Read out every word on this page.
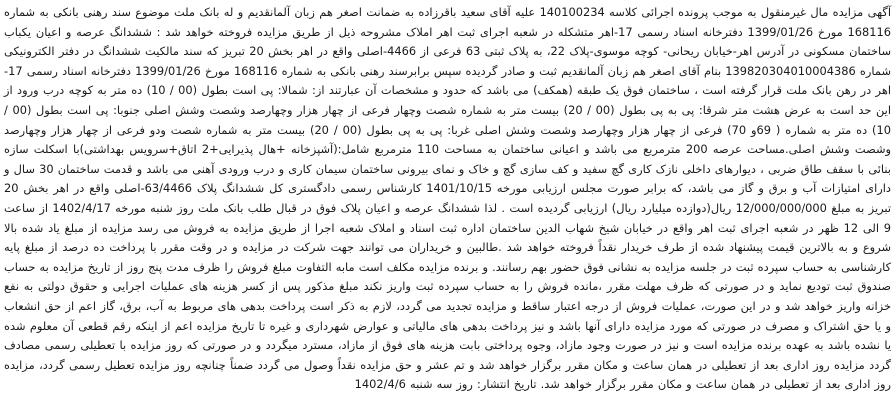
آگهی مزایده مال غیرمنقول به موجب پرونده اجرائی کلاسه 140100234 علیه آقای سعید باقرزاده به ضمانت اصغر هم زبان آلمانقدیم و له بانک ملت موضوع سند رهنی بانکی به شماره 168116 مورخ 1399/01/26 دفترخانه اسناد رسمی 17-اهر متشکله در شعبه اجرای ثبت اهر املاک مشروحه ذیل از طریق مزایده فروخته خواهد شد : ششدانگ عرصه و اعیان یکباب ساختمان مسکونی در آدرس اهر-خیابان ریحانی- کوچه موسوی-پلاک 22، به پلاک ثبتی 63 فرعی از 4466-اصلی واقع در اهر بخش 20 تبریز که سند مالکیت ششدانگ در دفتر الکترونیکی شماره 139820304010004386 بنام آقای اصغر هم زبان آلمانقدیم ثبت و صادر گردیده سپس برابرسند رهنی بانکی به شماره 168116 مورخ 1399/01/26 دفترخانه اسناد رسمی 17-اهر در رهن بانک ملت قرار گرفته است ، ساختمان فوق یک طبقه (همکف) می باشد که حدود و مشخصات آن عبارتند از: شمالا: پی است بطول (00 / 10) ده متر به کوچه درب ورود از این حد است به عرض هشت متر شرقا: پی به پی بطول (00 / 20) بیست متر به شماره شصت وچهار فرعی از چهار هزار وچهارصد وشصت وشش اصلی جنوبا: پی است بطول (00 / 10) ده متر به شماره ( 69و 70) فرعی از چهار هزار وچهارصد وشصت وشش اصلی غربا: پی به پی بطول (00 / 20) بیست متر به شماره شصت ودو فرعی از چهار هزار وچهارصد وشصت وشش اصلی.مساحت عرصه 200 مترمربع می باشد و اعیانی ساختمان به مساحت 110 مترمربع شامل:(آشپزخانه +هال پذیرایی+2 اتاق+سرویس بهداشتی)با اسکلت سازه بنائی با سقف طاق ضربی ، دیوارهای داخلی نازک کاری گچ سفید و کف سازی گچ و خاک و نمای بیرونی ساختمان سیمان کاری و درب ورودی آهنی می باشد و قدمت ساختمان 30 سال و دارای امتیازات آب و برق و گاز می باشد، که برابر صورت مجلس ارزیابی مورخه 1401/10/15 کارشناس رسمی دادگستری کل ششدانگ پلاک 63/4466-اصلی واقع در اهر بخش 20 تبریز به مبلغ 12/000/000/000 ریال(دوازده میلیارد ریال) ارزیابی گردیده است . لذا ششدانگ عرصه و اعیان پلاک فوق در قبال طلب بانک ملت روز شنبه مورخه 1402/4/17 از ساعت 9 الی 12 ظهر در شعبه اجرای ثبت اهر واقع در خیابان شیخ شهاب الدین ساختمان اداره ثبت اسناد و املاک شعبه اجرا از طریق مزایده به فروش می رسد مزایده از مبلغ یاد شده بالا شروع و به بالاترین قیمت پیشنهاد شده از طرف خریدار نقداً فروخته خواهد شد .طالبین و خریداران می توانند جهت شرکت در مزایده و در وقت مقرر با پرداخت ده درصد از مبلغ پایه کارشناسی به حساب سپرده ثبت در جلسه مزایده به نشانی فوق حضور بهم رسانند. و برنده مزایده مکلف است مابه التفاوت مبلغ فروش را ظرف مدت پنج روز از تاریخ مزایده به حساب صندوق ثبت تودیع نماید و در صورتی که ظرف مهلت مقرر ،مانده فروش را به حساب سپرده ثبت واریز نکند مبلغ مذکور پس از کسر هزینه های عملیات اجرایی و حقوق دولتی به نفع خزانه واریز خواهد شد و در این صورت، عملیات فروش از درجه اعتبار ساقط و مزایده تجدید می گردد، لازم به ذکر است پرداخت بدهی های مربوط به آب، برق، گاز اعم از حق انشعاب و یا حق اشتراک و مصرف در صورتی که مورد مزایده دارای آنها باشد و نیز پرداخت بدهی های مالیاتی و عوارض شهرداری و غیره تا تاریخ مزایده اعم از اینکه رقم قطعی آن معلوم شده یا نشده باشد به عهده برنده مزایده است و نیز در صورت وجود مازاد، وجوه پرداختی بابت هزینه های فوق از مازاد، مسترد میگردد و در صورتی که روز مزایده با تعطیلی رسمی مصادف گردد مزایده روز اداری بعد از تعطیلی در همان ساعت و مکان مقرر برگزار خواهد شد و تم عشر و حق مزایده نقداً وصول می گردد ضمناً چنانچه روز مزایده تعطیل رسمی گردد، مزایده روز اداری بعد از تعطیلی در همان ساعت و مکان مقرر برگزار خواهد شد. تاریخ انتشار: روز سه شنبه 1402/4/6
